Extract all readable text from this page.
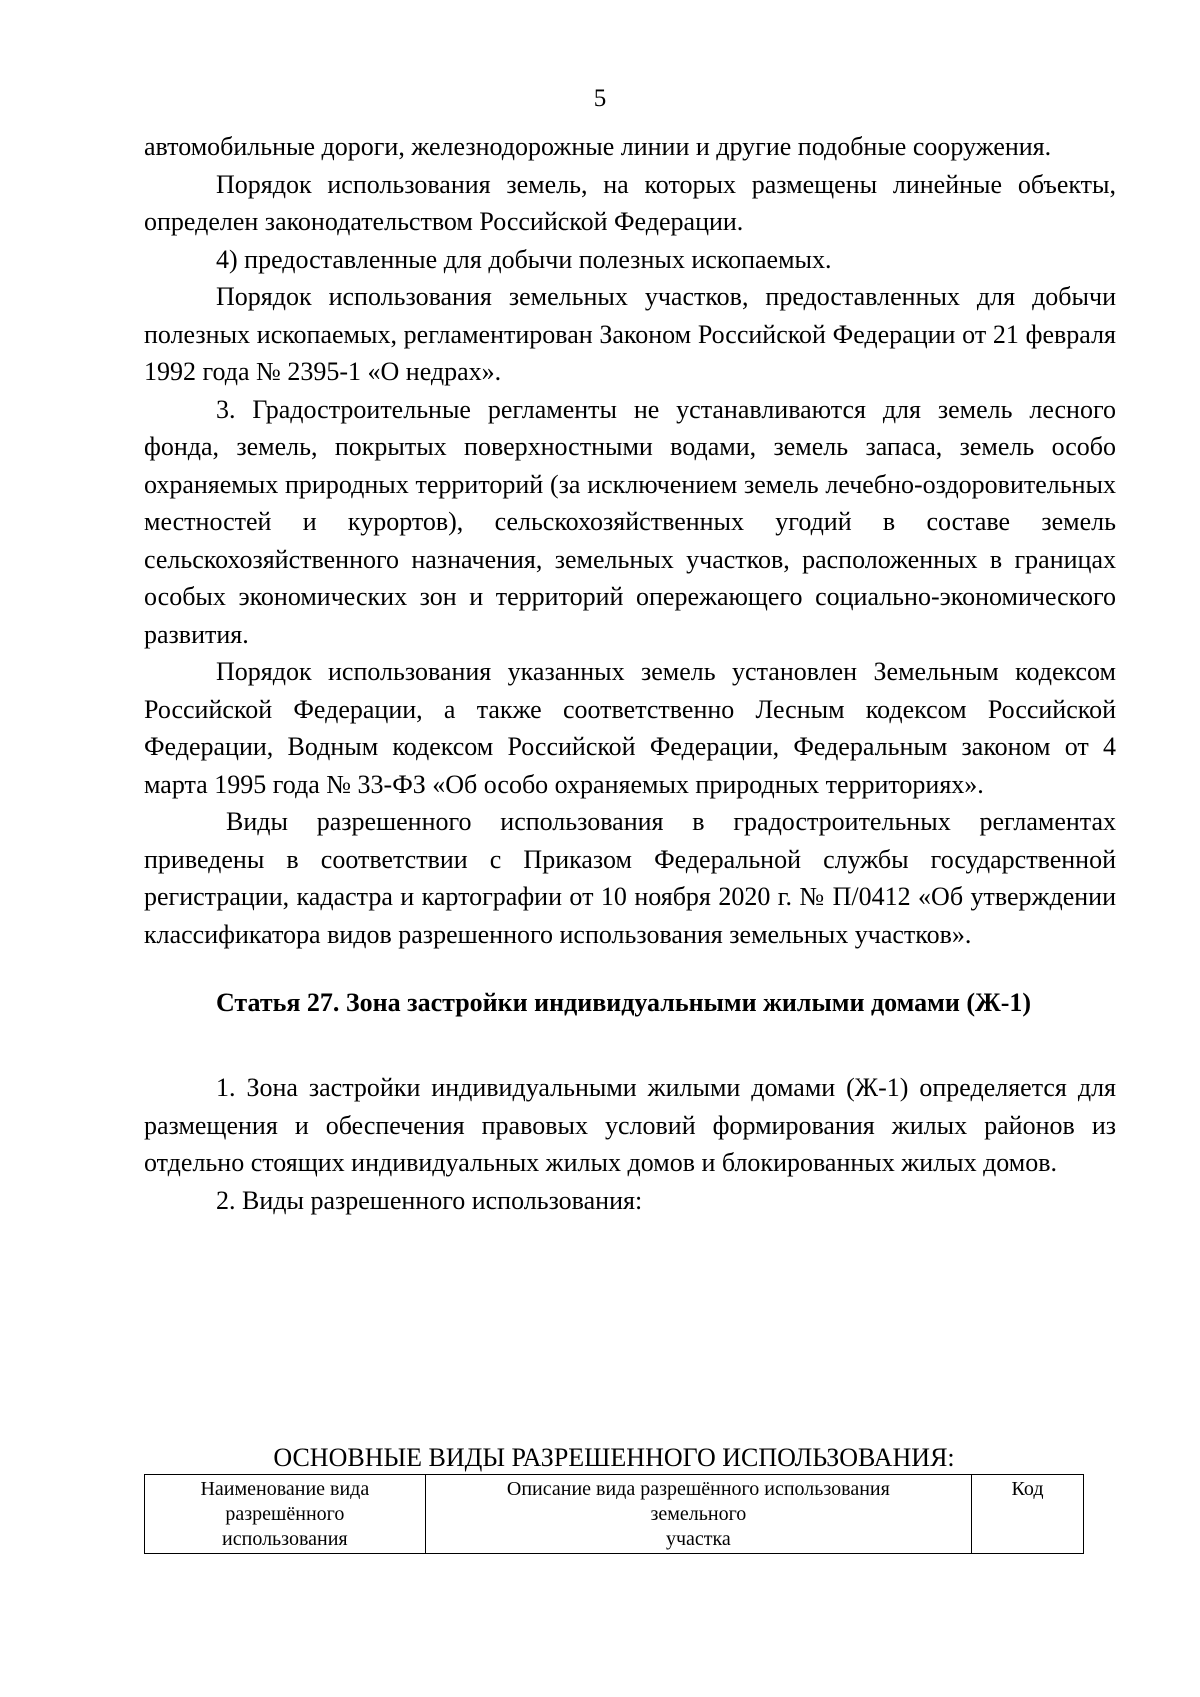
5

автомобильные дороги, железнодорожные линии и другие подобные сооружения.

Порядок использования земель, на которых размещены линейные объекты, определен законодательством Российской Федерации.

4) предоставленные для добычи полезных ископаемых.

Порядок использования земельных участков, предоставленных для добычи полезных ископаемых, регламентирован Законом Российской Федерации от 21 февраля 1992 года № 2395-1 «О недрах».

3. Градостроительные регламенты не устанавливаются для земель лесного фонда, земель, покрытых поверхностными водами, земель запаса, земель особо охраняемых природных территорий (за исключением земель лечебно-оздоровительных местностей и курортов), сельскохозяйственных угодий в составе земель сельскохозяйственного назначения, земельных участков, расположенных в границах особых экономических зон и территорий опережающего социально-экономического развития.

Порядок использования указанных земель установлен Земельным кодексом Российской Федерации, а также соответственно Лесным кодексом Российской Федерации, Водным кодексом Российской Федерации, Федеральным законом от 4 марта 1995 года № 33-ФЗ «Об особо охраняемых природных территориях».

Виды разрешенного использования в градостроительных регламентах приведены в соответствии с Приказом Федеральной службы государственной регистрации, кадастра и картографии от 10 ноября 2020 г. № П/0412 «Об утверждении классификатора видов разрешенного использования земельных участков».

Статья 27. Зона застройки индивидуальными жилыми домами (Ж-1)

1. Зона застройки индивидуальными жилыми домами (Ж-1) определяется для размещения и обеспечения правовых условий формирования жилых районов из отдельно стоящих индивидуальных жилых домов и блокированных жилых домов.

2. Виды разрешенного использования:

ОСНОВНЫЕ ВИДЫ РАЗРЕШЕННОГО ИСПОЛЬЗОВАНИЯ:
Наименование вида
разрешённого
использования

Описание вида разрешённого использования
земельного
участка

Код
